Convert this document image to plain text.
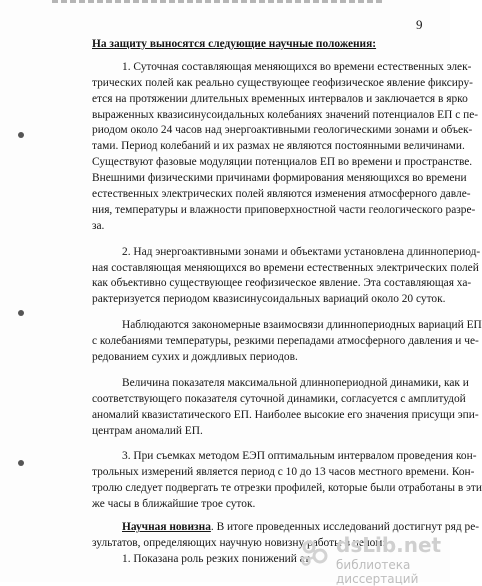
9
На защиту выносятся следующие научные положения:
1. Суточная составляющая меняющихся во времени естественных элек-
трических полей как реально существующее геофизическое явление фиксиру-
ется на протяжении длительных временных интервалов и заключается в ярко
выраженных квазисинусоидальных колебаниях значений потенциалов ЕП с пе-
риодом около 24 часов над энергоактивными геологическими зонами и объек-
тами. Период колебаний и их размах не являются постоянными величинами.
Существуют фазовые модуляции потенциалов ЕП во времени и пространстве.
Внешними физическими причинами формирования меняющихся во времени
естественных электрических полей являются изменения атмосферного давле-
ния, температуры и влажности приповерхностной части геологического разре-
за.
2. Над энергоактивными зонами и объектами установлена длиннопериод-
ная составляющая меняющихся во времени естественных электрических полей
как объективно существующее геофизическое явление. Эта составляющая ха-
рактеризуется периодом квазисинусоидальных вариаций около 20 суток.
Наблюдаются закономерные взаимосвязи длиннопериодных вариаций ЕП
с колебаниями температуры, резкими перепадами атмосферного давления и че-
редованием сухих и дождливых периодов.
Величина показателя максимальной длиннопериодной динамики, как и
соответствующего показателя суточной динамики, согласуется с амплитудой
аномалий квазистатического ЕП. Наиболее высокие его значения присущи эпи-
центрам аномалий ЕП.
3. При съемках методом ЕЭП оптимальным интервалом проведения кон-
трольных измерений является период с 10 до 13 часов местного времени. Кон-
тролю следует подвергать те отрезки профилей, которые были отработаны в эти
же часы в ближайшие трое суток.
Научная новизна. В итоге проведенных исследований достигнут ряд ре-
зультатов, определяющих научную новизну работы в целом:
1. Показана роль резких понижений ат
dsLib.net
библиотека диссертаций
